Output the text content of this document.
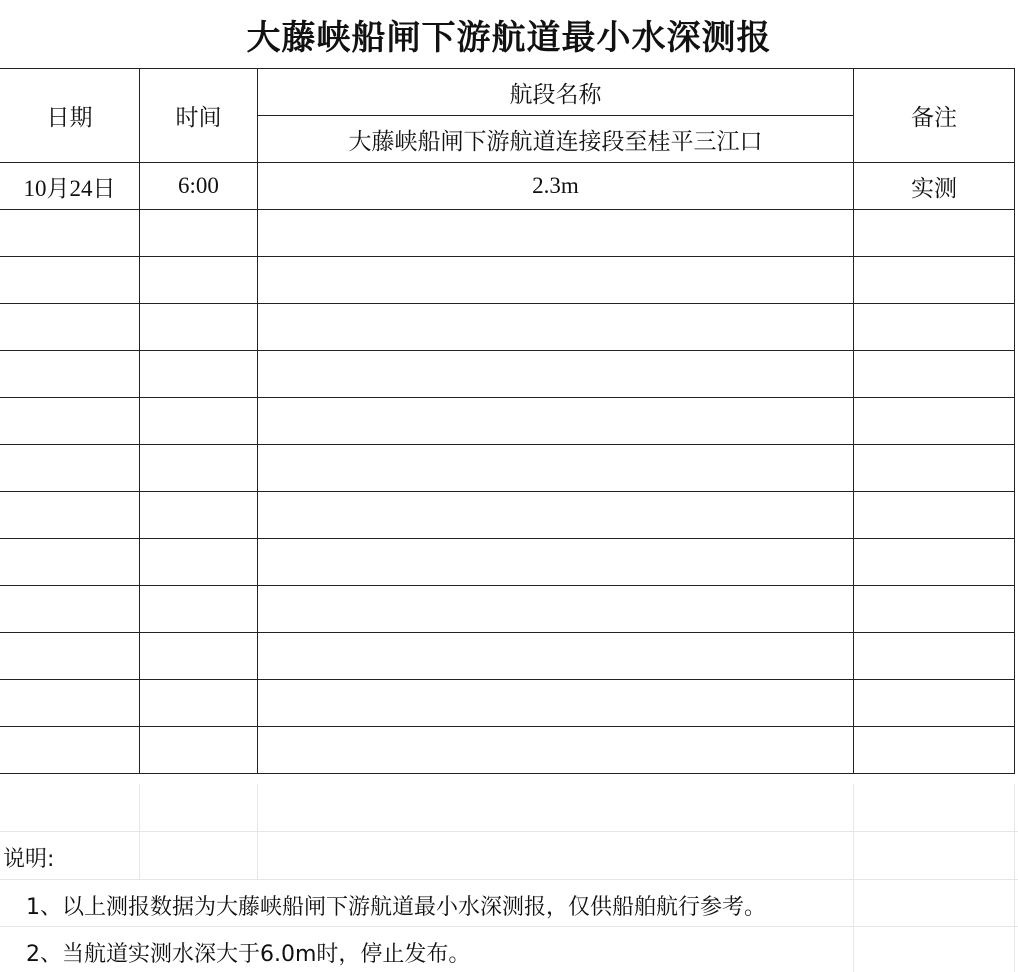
大藤峡船闸下游航道最小水深测报
日期	时间	航段名称	备注
		大藤峡船闸下游航道连接段至桂平三江口	
10月24日	6:00	2.3m	实测

说明:
1、以上测报数据为大藤峡船闸下游航道最小水深测报，仅供船舶航行参考。
2、当航道实测水深大于6.0m时，停止发布。
